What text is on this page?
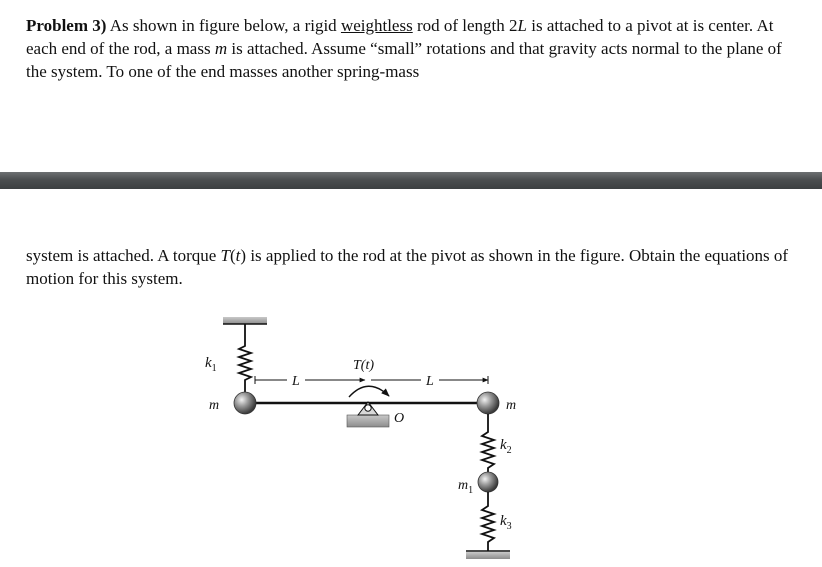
Problem 3) As shown in figure below, a rigid weightless rod of length 2L is attached to a pivot at is center. At each end of the rod, a mass m is attached. Assume “small” rotations and that gravity acts normal to the plane of the system. To one of the end masses another spring-mass

system is attached. A torque T(t) is applied to the rod at the pivot as shown in the figure. Obtain the equations of motion for this system.

$k_1$
m	m
T(t)
L	L
O
$k_2$
$m_1$
$k_3$
